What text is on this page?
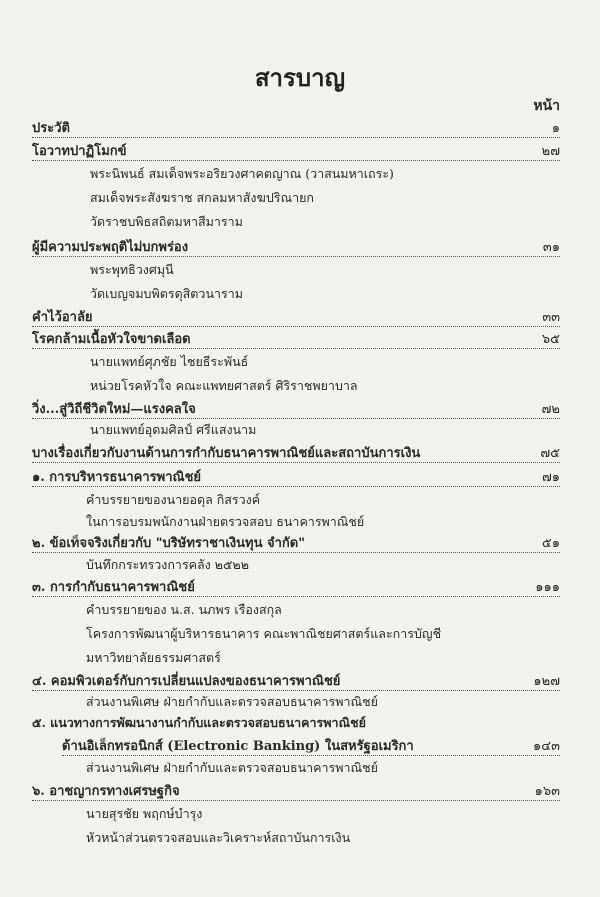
สารบาญ
หน้า
ประวัติ	๑
โอวาทปาฏิโมกข์	๒๗
พระนิพนธ์ สมเด็จพระอริยวงศาคตญาณ (วาสนมหาเถระ)
สมเด็จพระสังฆราช สกลมหาสังฆปริณายก
วัดราชบพิธสถิตมหาสีมาราม
ผู้มีความประพฤติไม่บกพร่อง	๓๑
พระพุทธิวงศมุนี
วัดเบญจมบพิตรดุสิตวนาราม
คำไว้อาลัย	๓๓
โรคกล้ามเนื้อหัวใจขาดเลือด	๖๕
นายแพทย์ศุภชัย ไชยธีระพันธ์
หน่วยโรคหัวใจ คณะแพทยศาสตร์ ศิริราชพยาบาล
วิ่ง...สู่วิถีชีวิตใหม่—แรงคลใจ	๗๒
นายแพทย์อุดมศิลป์ ศรีแสงนาม
บางเรื่องเกี่ยวกับงานด้านการกำกับธนาคารพาณิชย์และสถาบันการเงิน	๗๕
๑. การบริหารธนาคารพาณิชย์	๗๑
คำบรรยายของนายอดุล กิสรวงค์
ในการอบรมพนักงานฝ่ายตรวจสอบ ธนาคารพาณิชย์
๒. ข้อเท็จจริงเกี่ยวกับ "บริษัทราชาเงินทุน จำกัด"	๕๑
บันทึกกระทรวงการคลัง ๒๕๒๒
๓. การกำกับธนาคารพาณิชย์	๑๑๑
คำบรรยายของ น.ส. นภพร เรืองสกุล
โครงการพัฒนาผู้บริหารธนาคาร คณะพาณิชยศาสตร์และการบัญชี
มหาวิทยาลัยธรรมศาสตร์
๔. คอมพิวเตอร์กับการเปลี่ยนแปลงของธนาคารพาณิชย์	๑๒๗
ส่วนงานพิเศษ ฝ่ายกำกับและตรวจสอบธนาคารพาณิชย์
๕. แนวทางการพัฒนางานกำกับและตรวจสอบธนาคารพาณิชย์
ด้านอิเล็กทรอนิกส์ (Electronic Banking) ในสหรัฐอเมริกา	๑๔๓
ส่วนงานพิเศษ ฝ่ายกำกับและตรวจสอบธนาคารพาณิชย์
๖. อาชญากรทางเศรษฐกิจ	๑๖๓
นายสุรชัย พฤกษ์บำรุง
หัวหน้าส่วนตรวจสอบและวิเคราะห์สถาบันการเงิน
